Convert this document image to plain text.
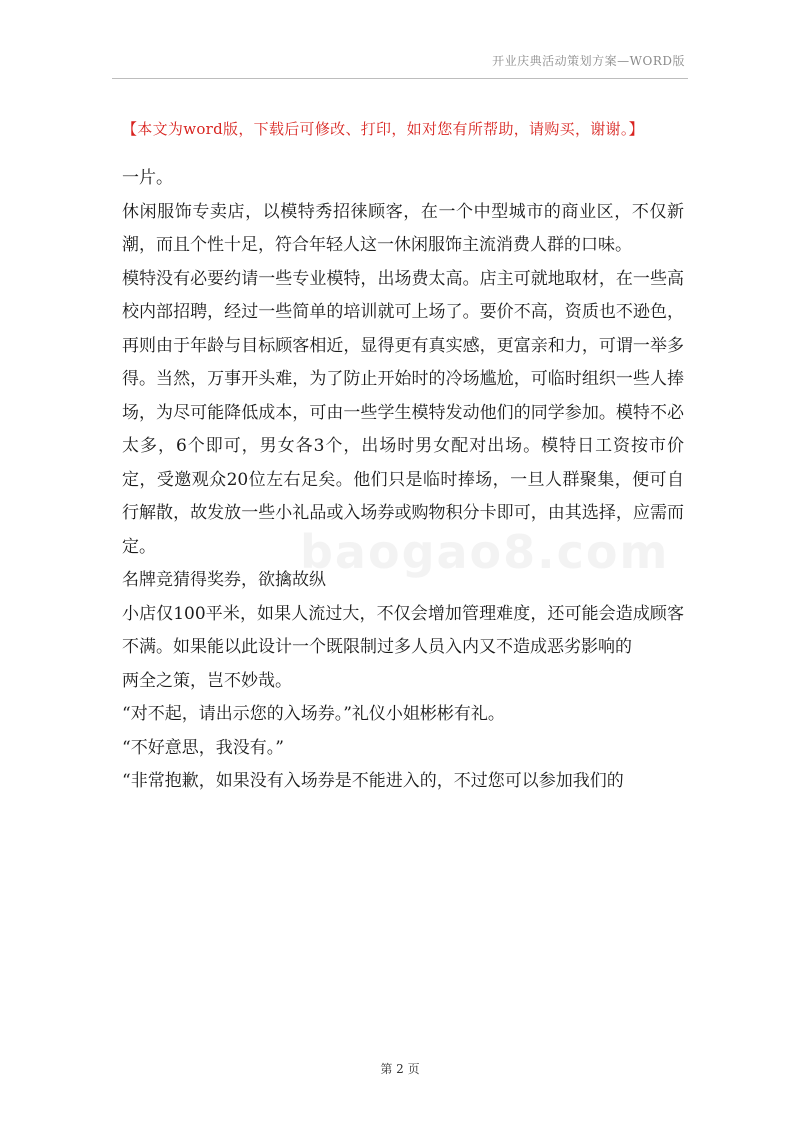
开业庆典活动策划方案—WORD版
【本文为word版，下载后可修改、打印，如对您有所帮助，请购买，谢谢。】
baogao8.com

一片。

休闲服饰专卖店，以模特秀招徕顾客，在一个中型城市的商业区，不仅新潮，而且个性十足，符合年轻人这一休闲服饰主流消费人群的口味。

模特没有必要约请一些专业模特，出场费太高。店主可就地取材，在一些高校内部招聘，经过一些简单的培训就可上场了。要价不高，资质也不逊色，再则由于年龄与目标顾客相近，显得更有真实感，更富亲和力，可谓一举多得。当然，万事开头难，为了防止开始时的冷场尴尬，可临时组织一些人捧场，为尽可能降低成本，可由一些学生模特发动他们的同学参加。模特不必太多，6个即可，男女各3个，出场时男女配对出场。模特日工资按市价定，受邀观众20位左右足矣。他们只是临时捧场，一旦人群聚集，便可自行解散，故发放一些小礼品或入场券或购物积分卡即可，由其选择，应需而定。

名牌竞猜得奖券，欲擒故纵

小店仅100平米，如果人流过大，不仅会增加管理难度，还可能会造成顾客不满。如果能以此设计一个既限制过多人员入内又不造成恶劣影响的

两全之策，岂不妙哉。

“对不起，请出示您的入场券。”礼仪小姐彬彬有礼。

“不好意思，我没有。”

“非常抱歉，如果没有入场券是不能进入的，不过您可以参加我们的

第 2 页
